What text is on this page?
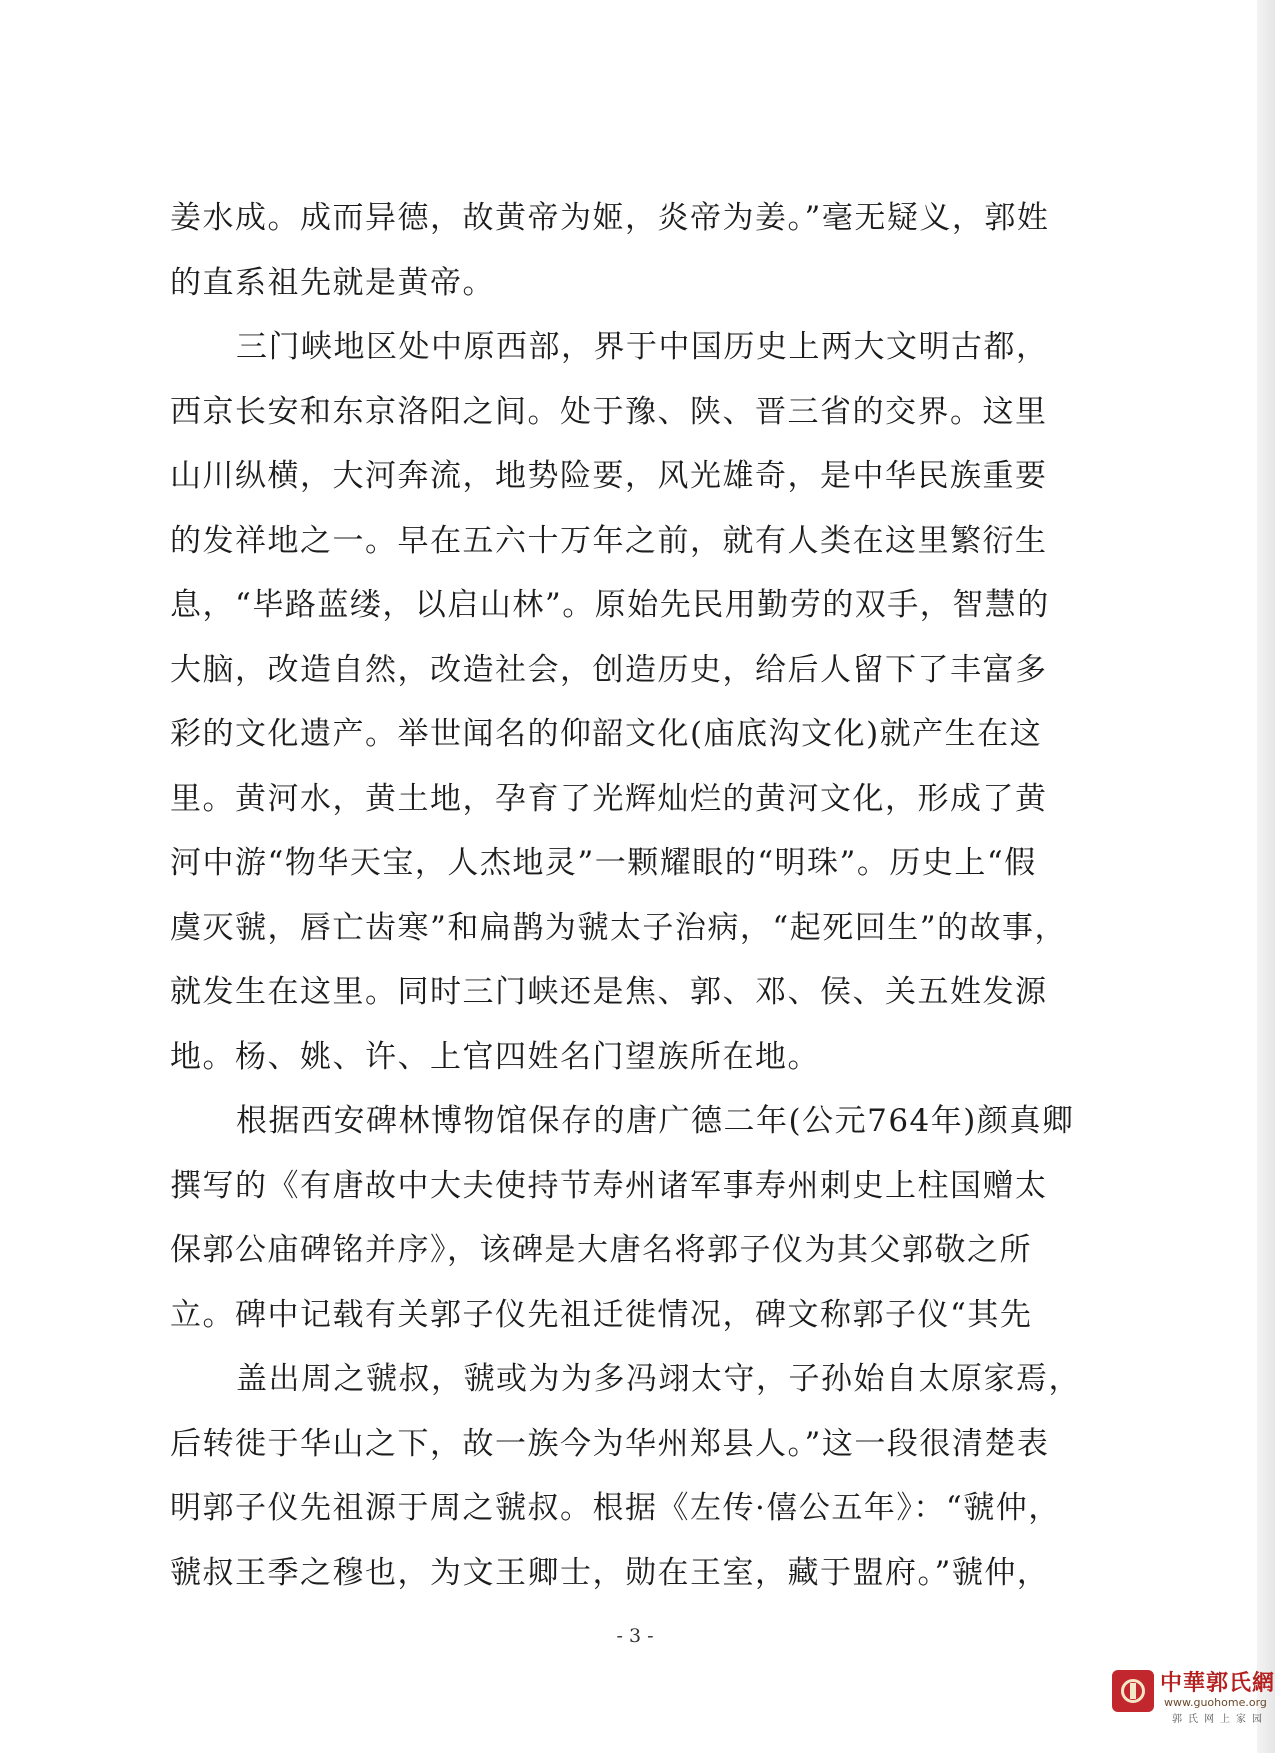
姜水成。成而异德，故黄帝为姬，炎帝为姜。”毫无疑义，郭姓
的直系祖先就是黄帝。
三门峡地区处中原西部，界于中国历史上两大文明古都，
西京长安和东京洛阳之间。处于豫、陕、晋三省的交界。这里
山川纵横，大河奔流，地势险要，风光雄奇，是中华民族重要
的发祥地之一。早在五六十万年之前，就有人类在这里繁衍生
息，“毕路蓝缕，以启山林”。原始先民用勤劳的双手，智慧的
大脑，改造自然，改造社会，创造历史，给后人留下了丰富多
彩的文化遗产。举世闻名的仰韶文化(庙底沟文化)就产生在这
里。黄河水，黄土地，孕育了光辉灿烂的黄河文化，形成了黄
河中游“物华天宝，人杰地灵”一颗耀眼的“明珠”。历史上“假
虞灭虢，唇亡齿寒”和扁鹊为虢太子治病，“起死回生”的故事，
就发生在这里。同时三门峡还是焦、郭、邓、侯、关五姓发源
地。杨、姚、许、上官四姓名门望族所在地。
根据西安碑林博物馆保存的唐广德二年(公元764年)颜真卿
撰写的《有唐故中大夫使持节寿州诸军事寿州刺史上柱国赠太
保郭公庙碑铭并序》，该碑是大唐名将郭子仪为其父郭敬之所
立。碑中记载有关郭子仪先祖迁徙情况，碑文称郭子仪“其先
盖出周之虢叔，虢或为为多冯翊太守，子孙始自太原家焉，
后转徙于华山之下，故一族今为华州郑县人。”这一段很清楚表
明郭子仪先祖源于周之虢叔。根据《左传·僖公五年》：“虢仲，
虢叔王季之穆也，为文王卿士，勋在王室，藏于盟府。”虢仲，
- 3 -
中華郭氏網
www.guohome.org
郭氏网上家园
